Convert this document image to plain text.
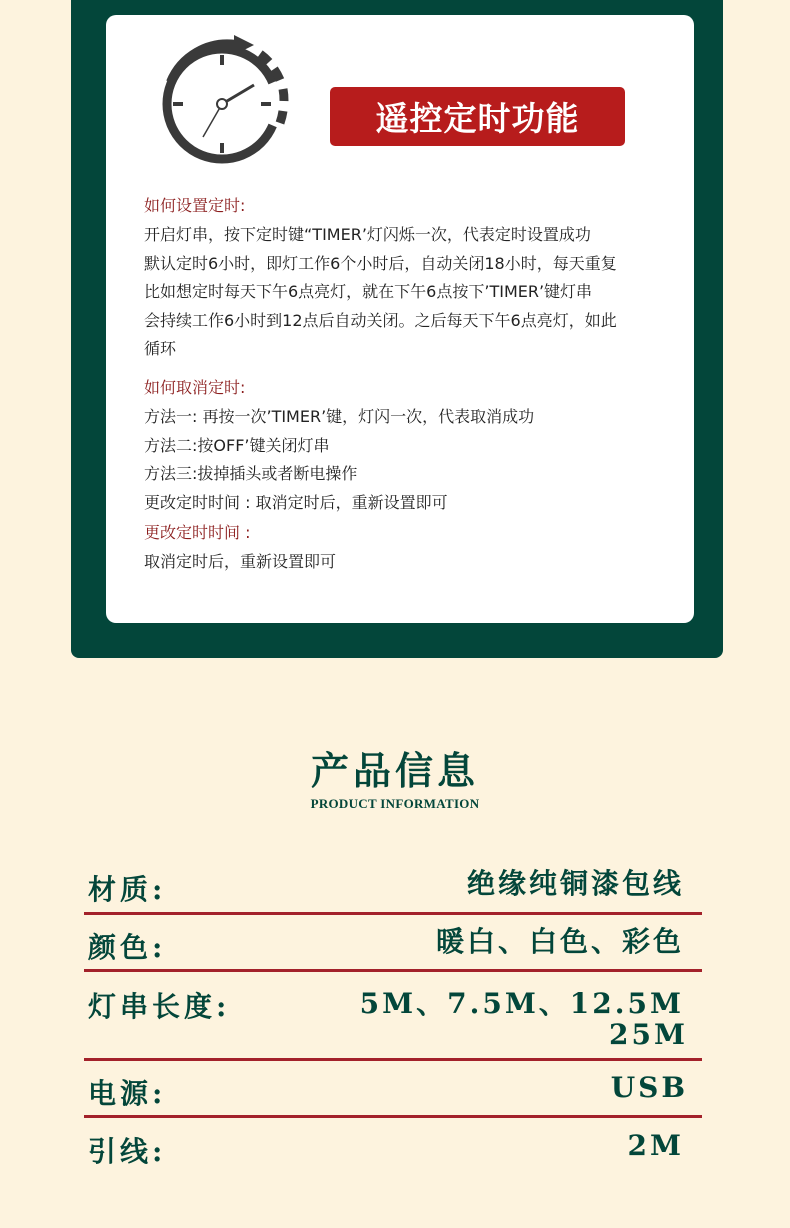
遥控定时功能
如何设置定时:
开启灯串，按下定时键“TIMER’灯闪烁一次，代表定时设置成功
默认定时6小时，即灯工作6个小时后，自动关闭18小时，每天重复
比如想定时每天下午6点亮灯，就在下午6点按下’TIMER’键灯串
会持续工作6小时到12点后自动关闭。之后每天下午6点亮灯，如此
循环
如何取消定时:
方法一: 再按一次’TIMER’键，灯闪一次，代表取消成功
方法二:按OFF’键关闭灯串
方法三:拔掉插头或者断电操作
更改定时时间 : 取消定时后，重新设置即可
更改定时时间 :
取消定时后，重新设置即可
产品信息
PRODUCT INFORMATION
材质:	绝缘纯铜漆包线
颜色:	暖白、白色、彩色
灯串长度:	5M、7.5M、12.5M
25M
电源:	USB
引线:	2M
